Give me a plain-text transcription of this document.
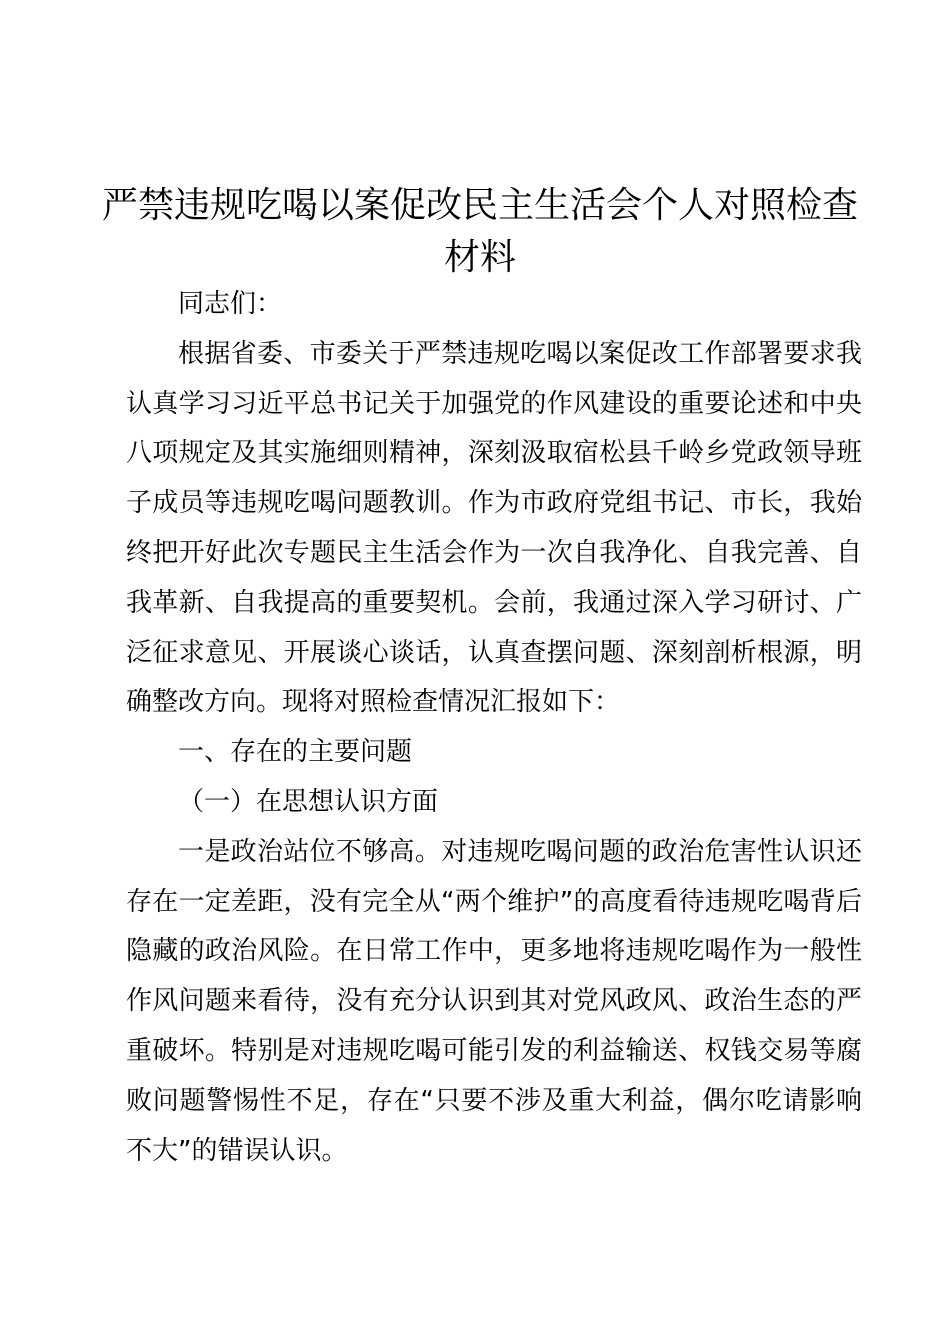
严禁违规吃喝以案促改民主生活会个人对照检查材料

同志们：

根据省委、市委关于严禁违规吃喝以案促改工作部署要求我认真学习习近平总书记关于加强党的作风建设的重要论述和中央八项规定及其实施细则精神，深刻汲取宿松县千岭乡党政领导班子成员等违规吃喝问题教训。作为市政府党组书记、市长，我始终把开好此次专题民主生活会作为一次自我净化、自我完善、自我革新、自我提高的重要契机。会前，我通过深入学习研讨、广泛征求意见、开展谈心谈话，认真查摆问题、深刻剖析根源，明确整改方向。现将对照检查情况汇报如下：

一、存在的主要问题

（一）在思想认识方面

一是政治站位不够高。对违规吃喝问题的政治危害性认识还存在一定差距，没有完全从“两个维护”的高度看待违规吃喝背后隐藏的政治风险。在日常工作中，更多地将违规吃喝作为一般性作风问题来看待，没有充分认识到其对党风政风、政治生态的严重破坏。特别是对违规吃喝可能引发的利益输送、权钱交易等腐败问题警惕性不足，存在“只要不涉及重大利益，偶尔吃请影响不大”的错误认识。
